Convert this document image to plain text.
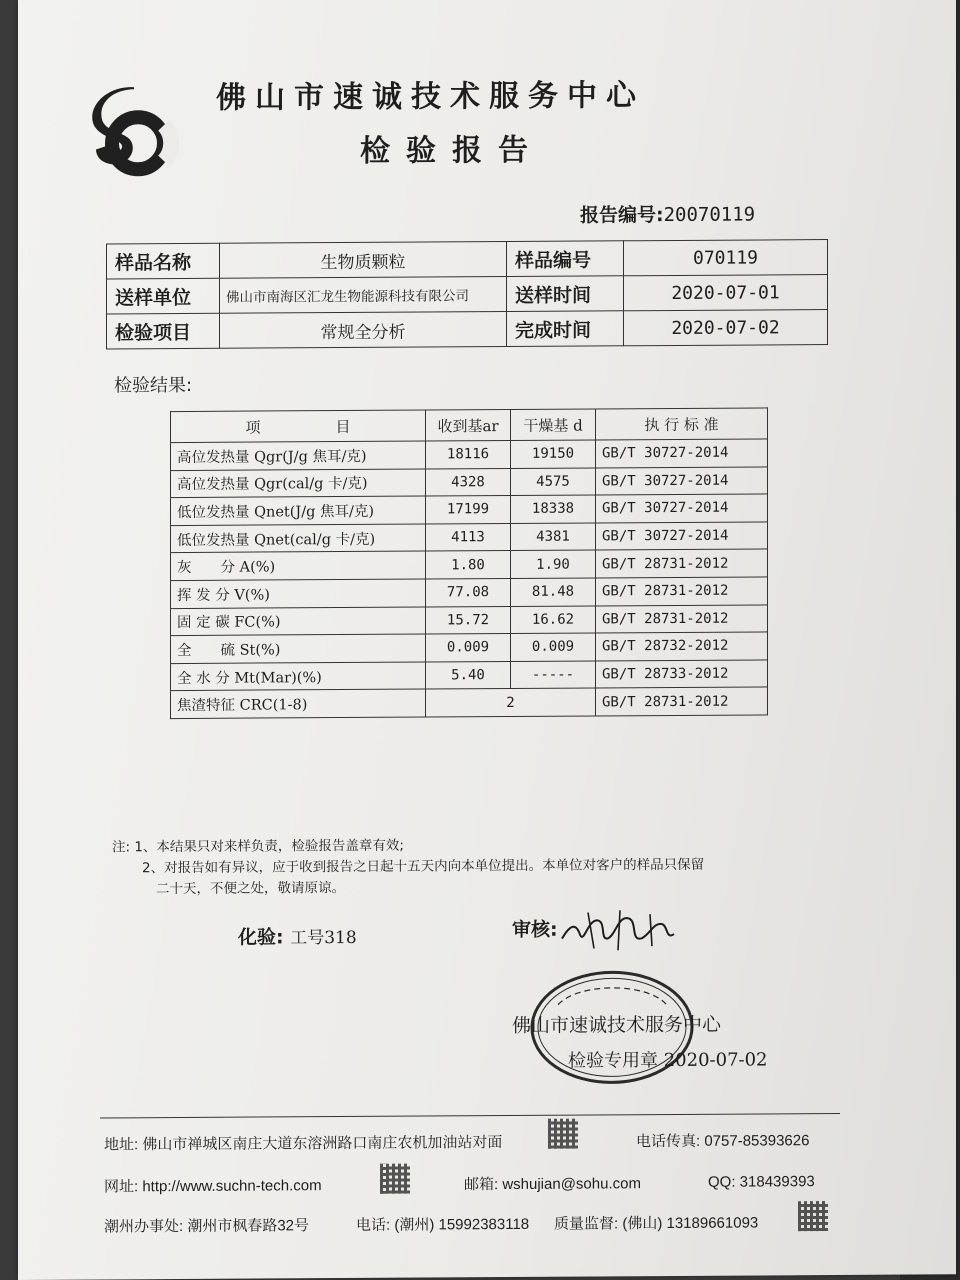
佛山市速诚技术服务中心
检验报告
报告编号:20070119
样品名称	生物质颗粒	样品编号	070119
送样单位	佛山市南海区汇龙生物能源科技有限公司	送样时间	2020-07-01
检验项目	常规全分析	完成时间	2020-07-02
检验结果:
项　　　　　目	收到基ar	干燥基 d	执 行 标 准
高位发热量 Qgr(J/g 焦耳/克)	18116	19150	GB/T 30727-2014
高位发热量 Qgr(cal/g 卡/克)	4328	4575	GB/T 30727-2014
低位发热量 Qnet(J/g 焦耳/克)	17199	18338	GB/T 30727-2014
低位发热量 Qnet(cal/g 卡/克)	4113	4381	GB/T 30727-2014
灰　　分 A(%)	1.80	1.90	GB/T 28731-2012
挥 发 分 V(%)	77.08	81.48	GB/T 28731-2012
固 定 碳 FC(%)	15.72	16.62	GB/T 28731-2012
全　　硫 St(%)	0.009	0.009	GB/T 28732-2012
全 水 分 Mt(Mar)(%)	5.40	-----	GB/T 28733-2012
焦渣特征 CRC(1-8)	2		GB/T 28731-2012
注: 1、本结果只对来样负责，检验报告盖章有效;
2、对报告如有异议，应于收到报告之日起十五天内向本单位提出。本单位对客户的样品只保留
二十天，不便之处，敬请原谅。
化验: 工号318	审核:
佛山市速诚技术服务中心
检验专用章 2020-07-02
地址: 佛山市禅城区南庄大道东溶洲路口南庄农机加油站对面	电话传真: 0757-85393626
网址: http://www.suchn-tech.com	邮箱: wshujian@sohu.com	QQ: 318439393
潮州办事处: 潮州市枫春路32号	电话: (潮州) 15992383118 质量监督: (佛山) 13189661093
